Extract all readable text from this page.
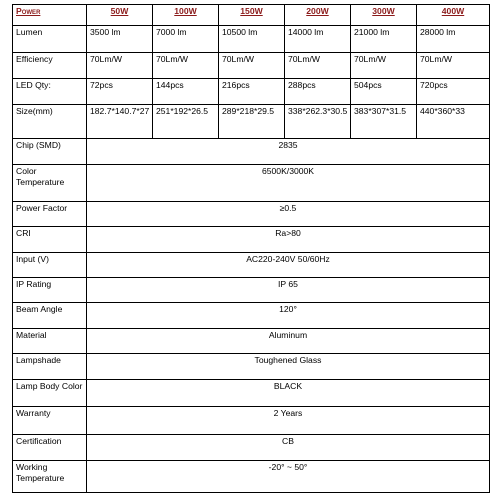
Power	50W	100W	150W	200W	300W	400W
Lumen	3500 lm	7000 lm	10500 lm	14000 lm	21000 lm	28000 lm
Efficiency	70Lm/W	70Lm/W	70Lm/W	70Lm/W	70Lm/W	70Lm/W
LED Qty:	72pcs	144pcs	216pcs	288pcs	504pcs	720pcs
Size(mm)	182.7*140.7*27	251*192*26.5	289*218*29.5	338*262.3*30.5	383*307*31.5	440*360*33
Chip (SMD)	2835					
Color Temperature	6500K/3000K					
Power Factor	≥0.5					
CRI	Ra>80					
Input (V)	AC220-240V 50/60Hz					
IP Rating	IP 65					
Beam Angle	120°					
Material	Aluminum					
Lampshade	Toughened Glass					
Lamp Body Color	BLACK					
Warranty	2 Years					
Certification	CB					
Working Temperature	-20° ~ 50°					
